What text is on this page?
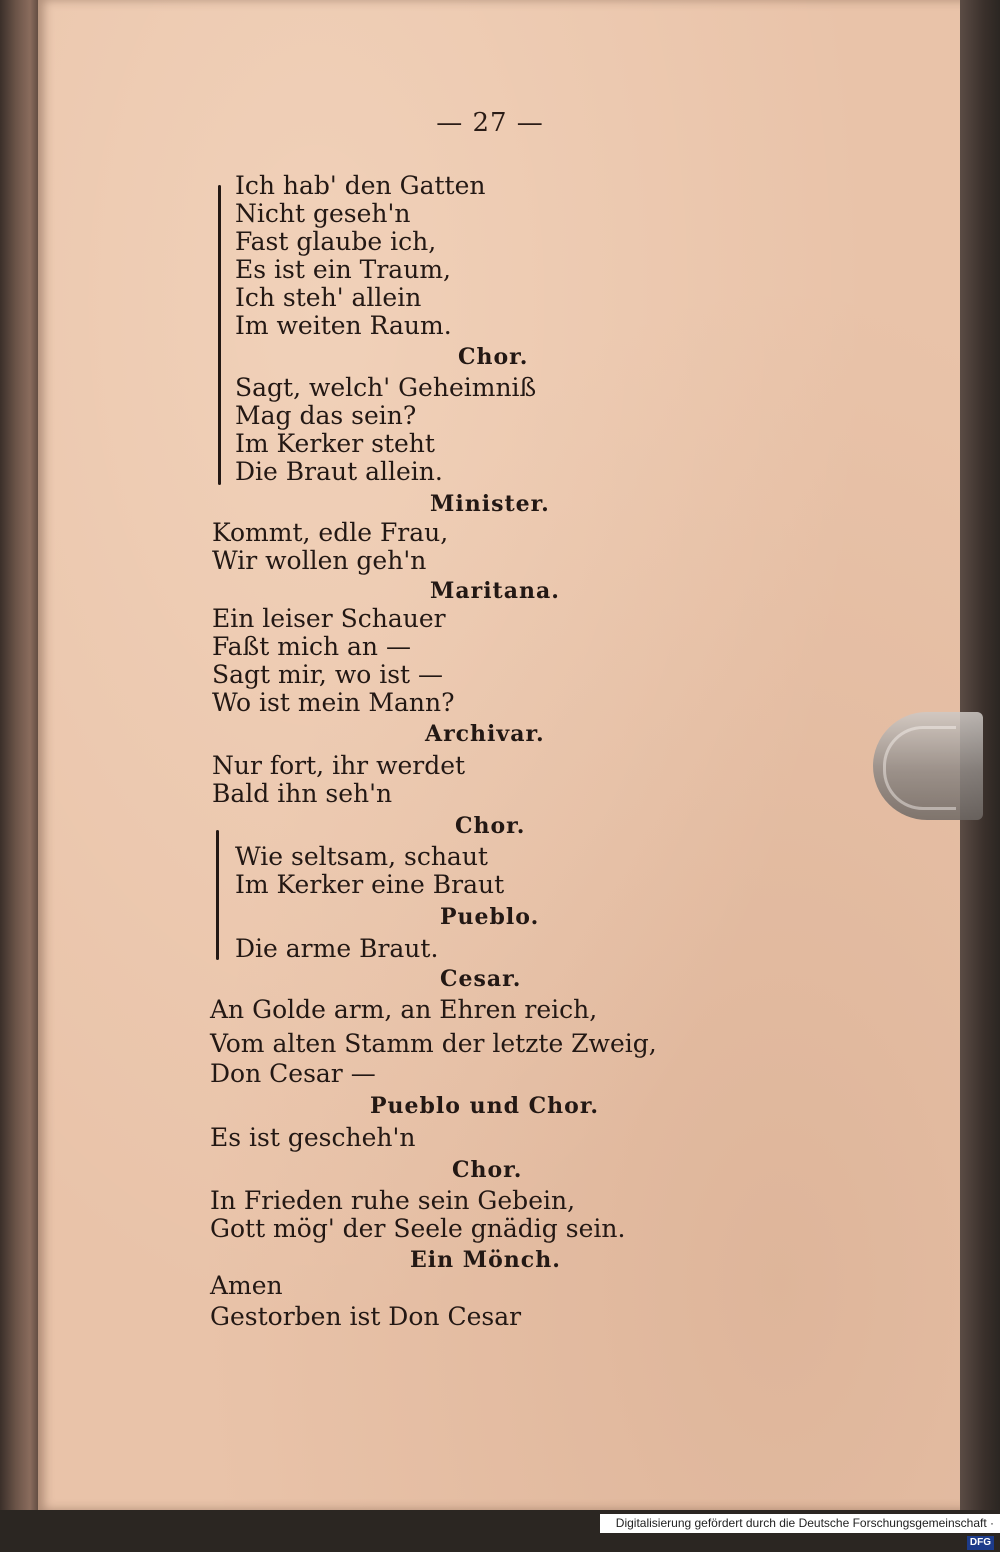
— 27 —
Ich hab' den Gatten
Nicht geseh'n
Fast glaube ich,
Es ist ein Traum,
Ich steh' allein
Im weiten Raum.
Chor.
Sagt, welch' Geheimniß
Mag das sein?
Im Kerker steht
Die Braut allein.
Minister.
Kommt, edle Frau,
Wir wollen geh'n
Maritana.
Ein leiser Schauer
Faßt mich an —
Sagt mir, wo ist —
Wo ist mein Mann?
Archivar.
Nur fort, ihr werdet
Bald ihn seh'n
Chor.
Wie seltsam, schaut
Im Kerker eine Braut
Pueblo.
Die arme Braut.
Cesar.
An Golde arm, an Ehren reich,
Vom alten Stamm der letzte Zweig,
Don Cesar —
Pueblo und Chor.
Es ist gescheh'n
Chor.
In Frieden ruhe sein Gebein,
Gott mög' der Seele gnädig sein.
Ein Mönch.
Amen
Gestorben ist Don Cesar
Digitalisierung gefördert durch die Deutsche Forschungsgemeinschaft ·DFG
